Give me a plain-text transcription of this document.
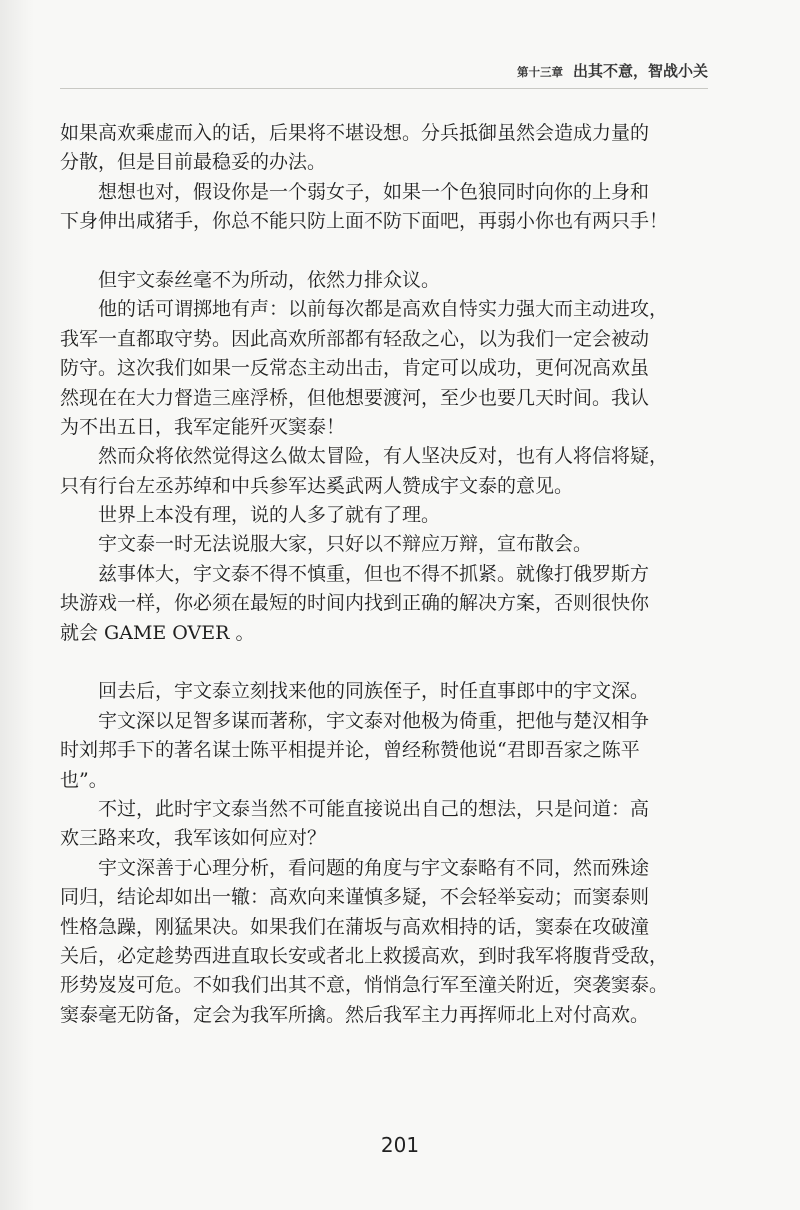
第十三章 出其不意，智战小关
如果高欢乘虚而入的话，后果将不堪设想。分兵抵御虽然会造成力量的
分散，但是目前最稳妥的办法。
想想也对，假设你是一个弱女子，如果一个色狼同时向你的上身和
下身伸出咸猪手，你总不能只防上面不防下面吧，再弱小你也有两只手！
但宇文泰丝毫不为所动，依然力排众议。
他的话可谓掷地有声：以前每次都是高欢自恃实力强大而主动进攻，
我军一直都取守势。因此高欢所部都有轻敌之心，以为我们一定会被动
防守。这次我们如果一反常态主动出击，肯定可以成功，更何况高欢虽
然现在在大力督造三座浮桥，但他想要渡河，至少也要几天时间。我认
为不出五日，我军定能歼灭窦泰！
然而众将依然觉得这么做太冒险，有人坚决反对，也有人将信将疑，
只有行台左丞苏绰和中兵参军达奚武两人赞成宇文泰的意见。
世界上本没有理，说的人多了就有了理。
宇文泰一时无法说服大家，只好以不辩应万辩，宣布散会。
兹事体大，宇文泰不得不慎重，但也不得不抓紧。就像打俄罗斯方
块游戏一样，你必须在最短的时间内找到正确的解决方案，否则很快你
就会 GAME OVER 。
回去后，宇文泰立刻找来他的同族侄子，时任直事郎中的宇文深。
宇文深以足智多谋而著称，宇文泰对他极为倚重，把他与楚汉相争
时刘邦手下的著名谋士陈平相提并论，曾经称赞他说“君即吾家之陈平
也”。
不过，此时宇文泰当然不可能直接说出自己的想法，只是问道：高
欢三路来攻，我军该如何应对？
宇文深善于心理分析，看问题的角度与宇文泰略有不同，然而殊途
同归，结论却如出一辙：高欢向来谨慎多疑，不会轻举妄动；而窦泰则
性格急躁，刚猛果决。如果我们在蒲坂与高欢相持的话，窦泰在攻破潼
关后，必定趁势西进直取长安或者北上救援高欢，到时我军将腹背受敌，
形势岌岌可危。不如我们出其不意，悄悄急行军至潼关附近，突袭窦泰。
窦泰毫无防备，定会为我军所擒。然后我军主力再挥师北上对付高欢。
201
